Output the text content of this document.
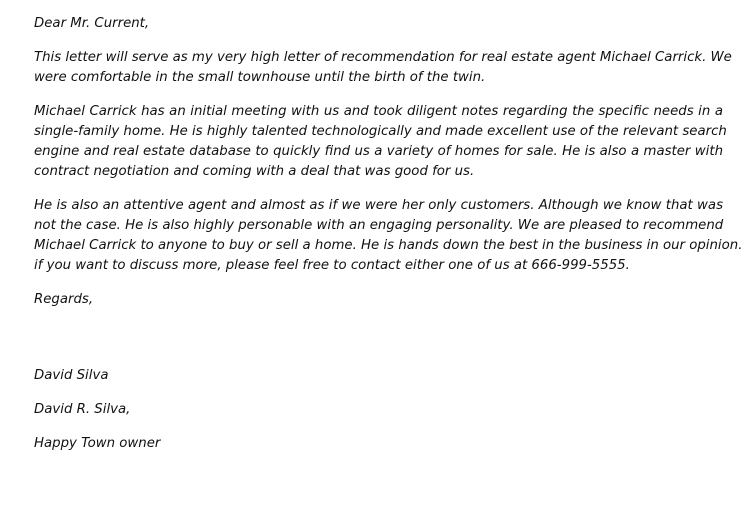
Dear Mr. Current,

This letter will serve as my very high letter of recommendation for real estate agent Michael Carrick. We
were comfortable in the small townhouse until the birth of the twin.

Michael Carrick has an initial meeting with us and took diligent notes regarding the specific needs in a
single-family home. He is highly talented technologically and made excellent use of the relevant search
engine and real estate database to quickly find us a variety of homes for sale. He is also a master with
contract negotiation and coming with a deal that was good for us.

He is also an attentive agent and almost as if we were her only customers. Although we know that was
not the case. He is also highly personable with an engaging personality. We are pleased to recommend
Michael Carrick to anyone to buy or sell a home. He is hands down the best in the business in our opinion.
if you want to discuss more, please feel free to contact either one of us at 666-999-5555.

Regards,

David Silva

David R. Silva,

Happy Town owner
